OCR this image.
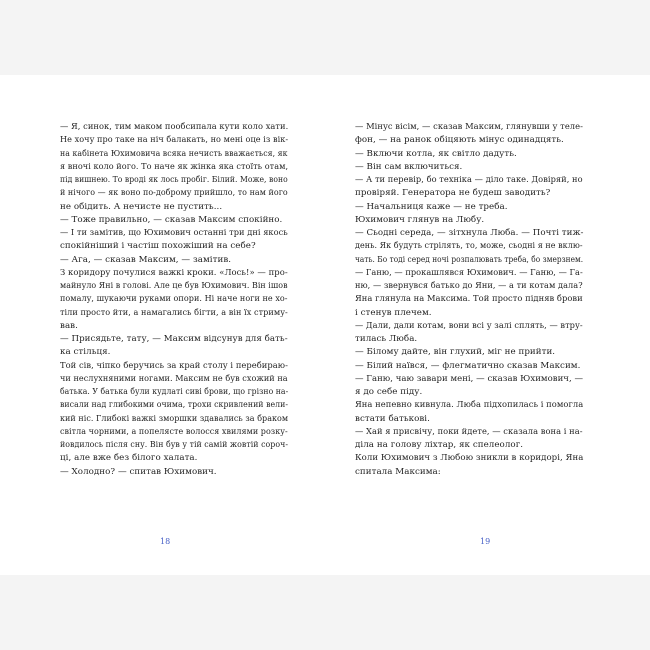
— Я, синок, тим маком пообсипала кути коло хати.
Не хочу про таке на ніч балакать, но мені оце із вік-
на кабінета Юхимовича всяка нечисть вважається, як
я вночі коло його. То наче як жінка яка стоїть отам,
під вишнею. То вроді як лось пробіг. Білий. Може, воно
й нічого — як воно по-доброму прийшло, то нам його
не обідить. А нечисте не пустить...

— Тоже правильно, — сказав Максим спокійно.

— І ти замітив, що Юхимович останні три дні якось
спокійніший і частіш похожіший на себе?

— Ага, — сказав Максим, — замітив.

З коридору почулися важкі кроки. «Лось!» — про-
майнуло Яні в голові. Але це був Юхимович. Він ішов
помалу, шукаючи руками опори. Ні наче ноги не хо-
тіли просто йти, а намагались бігти, а він їх стриму-
вав.

— Присядьте, тату, — Максим відсунув для бать-
ка стільця.

Той сів, чіпко беручись за край столу і перебираю-
чи неслухняними ногами. Максим не був схожий на
батька. У батька були кудлаті сиві брови, що грізно на-
висали над глибокими очима, трохи скривлений вели-
кий ніс. Глибокі важкі зморшки здавались за браком
світла чорними, а попелясте волосся хвилями розку-
йовдилось після сну. Він був у тій самій жовтій сороч-
ці, але вже без білого халата.

— Холодно? — спитав Юхимович.

— Мінус вісім, — сказав Максим, глянувши у теле-
фон, — на ранок обіцяють мінус одинадцять.

— Включи котла, як світло дадуть.

— Він сам включиться.

— А ти перевір, бо техніка — діло таке. Довіряй, но
провіряй. Генератора не будеш заводить?

— Начальниця каже — не треба.

Юхимович глянув на Любу.

— Сьодні середа, — зітхнула Люба. — Почті тиж-
день. Як будуть стрілять, то, може, сьодні я не вклю-
чать. Бо тоді серед ночі розпалювать треба, бо змерзнем.

— Ганю, — прокашлявся Юхимович. — Ганю, — Га-
ню, — звернувся батько до Яни, — а ти котам дала?

Яна глянула на Максима. Той просто підняв брови
і стенув плечем.

— Дали, дали котам, вони всі у залі сплять, — втру-
тилась Люба.

— Білому дайте, він глухий, міг не прийти.

— Білий наївся, — флегматично сказав Максим.

— Ганю, чаю завари мені, — сказав Юхимович, —
я до себе піду.

Яна непевно кивнула. Люба підхопилась і помогла
встати батькові.

— Хай я присвічу, поки йдете, — сказала вона і на-
діла на голову ліхтар, як спелеолог.

Коли Юхимович з Любою зникли в коридорі, Яна
спитала Максима:

18	19
